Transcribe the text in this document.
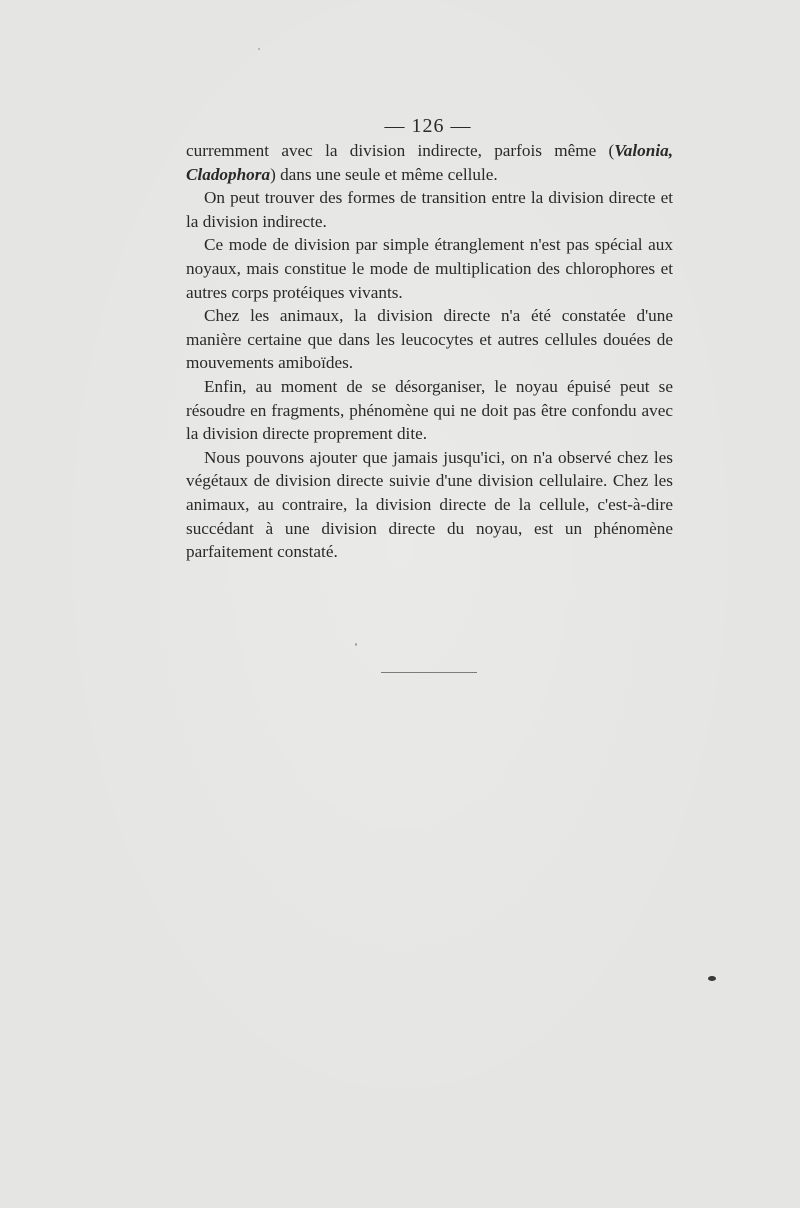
— 126 —

curremment avec la division indirecte, parfois même (Valonia, Cladophora) dans une seule et même cellule.

On peut trouver des formes de transition entre la division directe et la division indirecte.

Ce mode de division par simple étranglement n'est pas spécial aux noyaux, mais constitue le mode de multiplication des chlorophores et autres corps protéiques vivants.

Chez les animaux, la division directe n'a été constatée d'une manière certaine que dans les leucocytes et autres cellules douées de mouvements amiboïdes.

Enfin, au moment de se désorganiser, le noyau épuisé peut se résoudre en fragments, phénomène qui ne doit pas être confondu avec la division directe proprement dite.

Nous pouvons ajouter que jamais jusqu'ici, on n'a observé chez les végétaux de division directe suivie d'une division cellulaire. Chez les animaux, au contraire, la division directe de la cellule, c'est-à-dire succédant à une division directe du noyau, est un phénomène parfaitement constaté.
